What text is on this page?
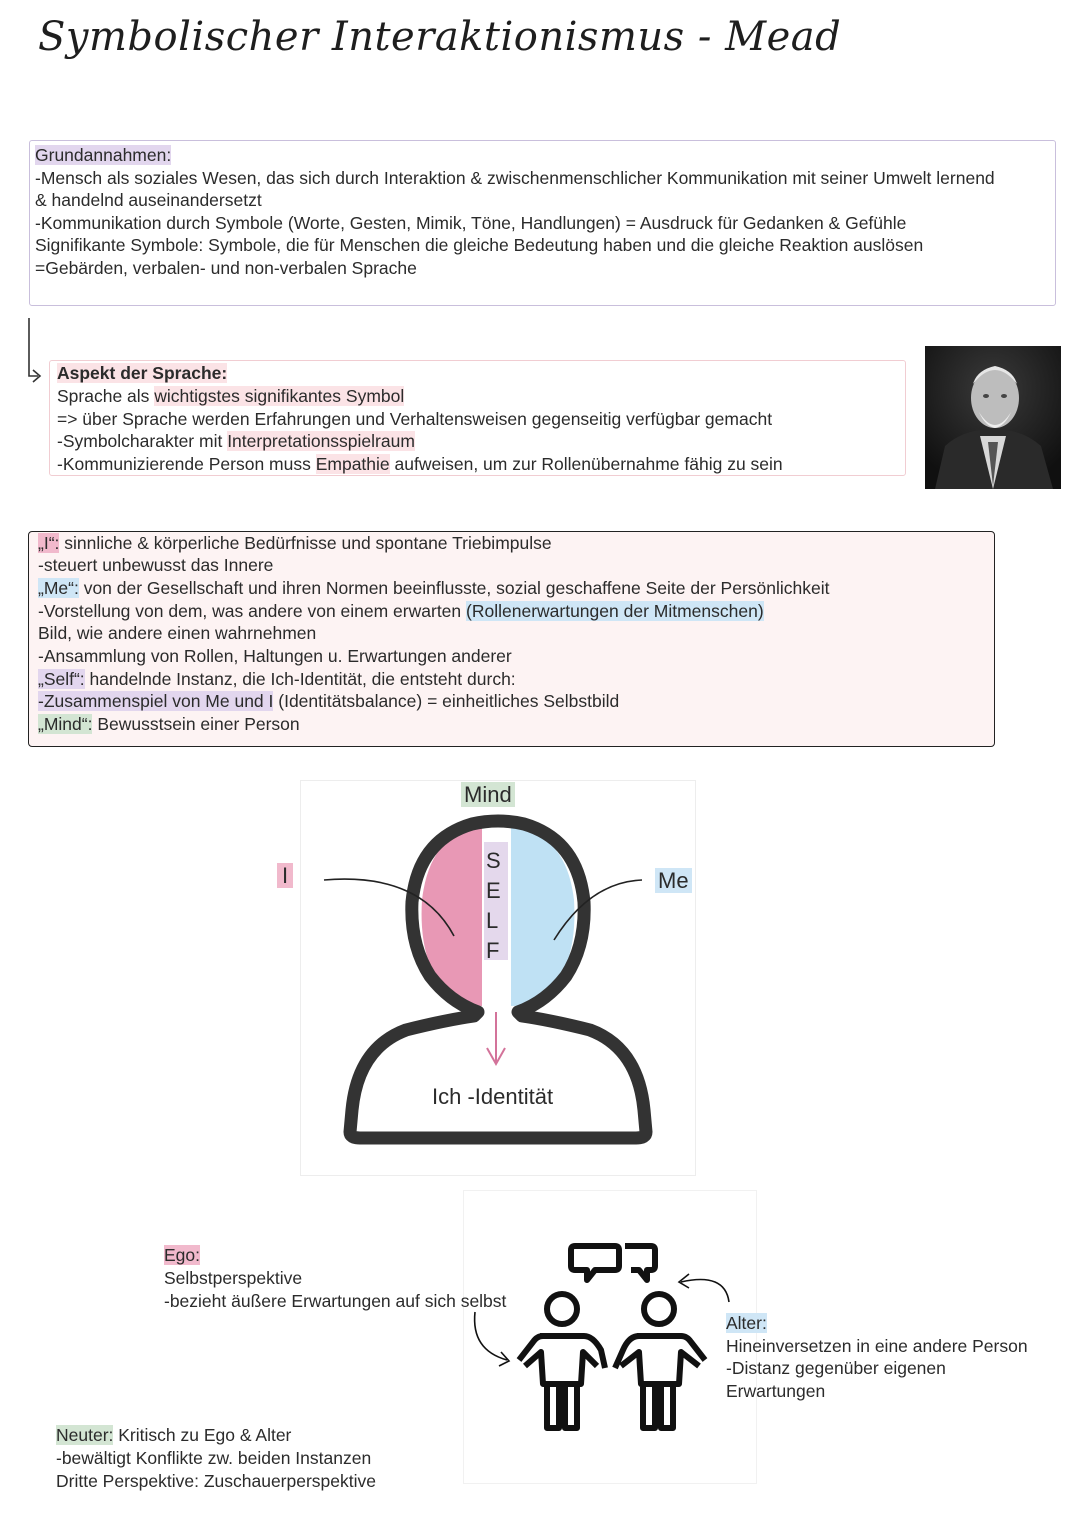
Symbolischer Interaktionismus - Mead
Grundannahmen:
-Mensch als soziales Wesen, das sich durch Interaktion & zwischenmenschlicher Kommunikation mit seiner Umwelt lernend
& handelnd auseinandersetzt
-Kommunikation durch Symbole (Worte, Gesten, Mimik, Töne, Handlungen) = Ausdruck für Gedanken & Gefühle
Signifikante Symbole: Symbole, die für Menschen die gleiche Bedeutung haben und die gleiche Reaktion auslösen
=Gebärden, verbalen- und non-verbalen Sprache
Aspekt der Sprache:
Sprache als wichtigstes signifikantes Symbol
=> über Sprache werden Erfahrungen und Verhaltensweisen gegenseitig verfügbar gemacht
-Symbolcharakter mit Interpretationsspielraum
-Kommunizierende Person muss Empathie aufweisen, um zur Rollenübernahme fähig zu sein
„I“: sinnliche & körperliche Bedürfnisse und spontane Triebimpulse
-steuert unbewusst das Innere
„Me“: von der Gesellschaft und ihren Normen beeinflusste, sozial geschaffene Seite der Persönlichkeit
-Vorstellung von dem, was andere von einem erwarten (Rollenerwartungen der Mitmenschen)
Bild, wie andere einen wahrnehmen
-Ansammlung von Rollen, Haltungen u. Erwartungen anderer
„Self“: handelnde Instanz, die Ich-Identität, die entsteht durch:
-Zusammenspiel von Me und I (Identitätsbalance) = einheitliches Selbstbild
„Mind“: Bewusstsein einer Person
Mind
I	Me
S
E
L
F
Ich -Identität
Ego:
Selbstperspektive
-bezieht äußere Erwartungen auf sich selbst
Alter:
Hineinversetzen in eine andere Person
-Distanz gegenüber eigenen
Erwartungen
Neuter: Kritisch zu Ego & Alter
-bewältigt Konflikte zw. beiden Instanzen
Dritte Perspektive: Zuschauerperspektive
